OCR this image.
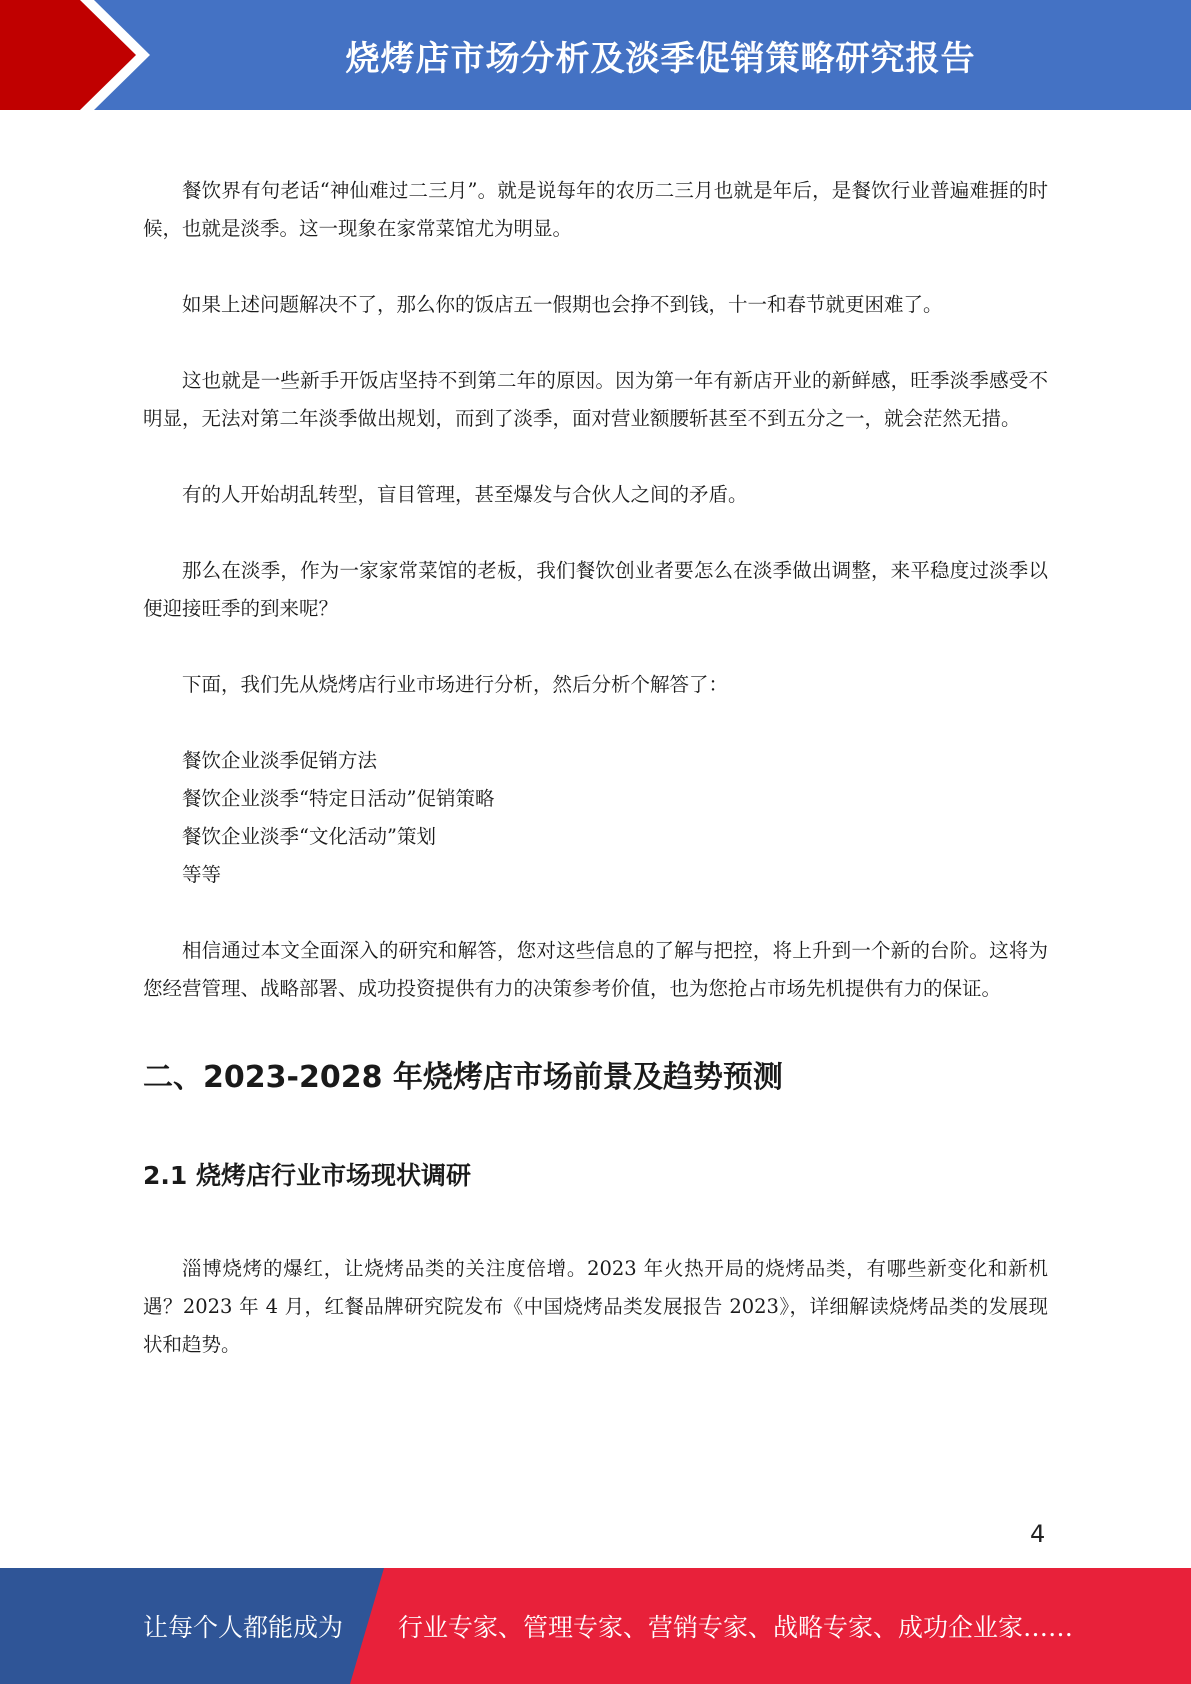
烧烤店市场分析及淡季促销策略研究报告

餐饮界有句老话“神仙难过二三月”。就是说每年的农历二三月也就是年后，是餐饮行业普遍难捱的时候，也就是淡季。这一现象在家常菜馆尤为明显。

如果上述问题解决不了，那么你的饭店五一假期也会挣不到钱，十一和春节就更困难了。

这也就是一些新手开饭店坚持不到第二年的原因。因为第一年有新店开业的新鲜感，旺季淡季感受不明显，无法对第二年淡季做出规划，而到了淡季，面对营业额腰斩甚至不到五分之一，就会茫然无措。

有的人开始胡乱转型，盲目管理，甚至爆发与合伙人之间的矛盾。

那么在淡季，作为一家家常菜馆的老板，我们餐饮创业者要怎么在淡季做出调整，来平稳度过淡季以便迎接旺季的到来呢？

下面，我们先从烧烤店行业市场进行分析，然后分析个解答了：

餐饮企业淡季促销方法

餐饮企业淡季“特定日活动”促销策略

餐饮企业淡季“文化活动”策划

等等

相信通过本文全面深入的研究和解答，您对这些信息的了解与把控，将上升到一个新的台阶。这将为您经营管理、战略部署、成功投资提供有力的决策参考价值，也为您抢占市场先机提供有力的保证。

二、2023-2028 年烧烤店市场前景及趋势预测
2.1 烧烤店行业市场现状调研

淄博烧烤的爆红，让烧烤品类的关注度倍增。2023 年火热开局的烧烤品类，有哪些新变化和新机遇？2023 年 4 月，红餐品牌研究院发布《中国烧烤品类发展报告 2023》，详细解读烧烤品类的发展现状和趋势。

4
让每个人都能成为 行业专家、管理专家、营销专家、战略专家、成功企业家……
